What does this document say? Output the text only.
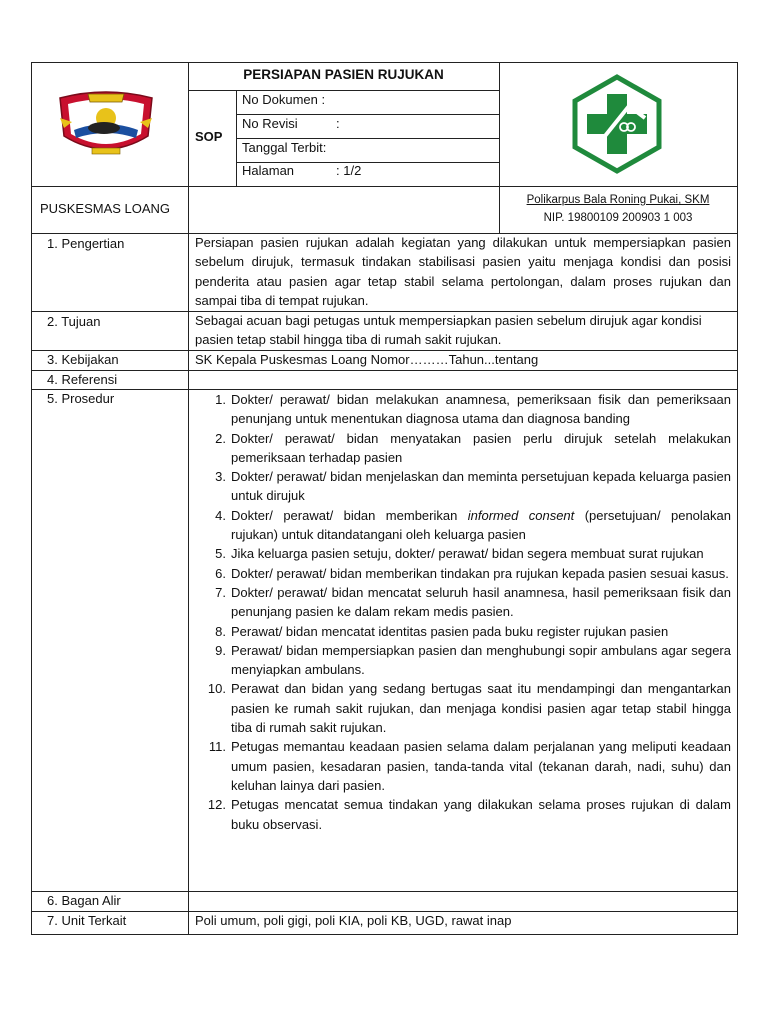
PERSIAPAN PASIEN RUJUKAN
SOP
No Dokumen :
No Revisi	:
Tanggal Terbit:
Halaman	: 1/2
PUSKESMAS LOANG
Polikarpus Bala Roning Pukai, SKM
NIP. 19800109 200903 1 003
1. Pengertian
2. Tujuan
3. Kebijakan
4. Referensi
5. Prosedur
6. Bagan Alir
7. Unit Terkait
Persiapan pasien rujukan adalah kegiatan yang dilakukan untuk mempersiapkan pasien sebelum dirujuk, termasuk tindakan stabilisasi pasien yaitu menjaga kondisi dan posisi penderita atau pasien agar tetap stabil selama pertolongan, dalam proses rujukan dan sampai tiba di tempat rujukan.
Sebagai acuan bagi petugas untuk mempersiapkan pasien sebelum dirujuk agar kondisi pasien tetap stabil hingga tiba di rumah sakit rujukan.
SK Kepala Puskesmas Loang Nomor………Tahun...tentang
Poli umum, poli gigi, poli KIA, poli KB, UGD, rawat inap
1. Dokter/ perawat/ bidan melakukan anamnesa, pemeriksaan fisik dan pemeriksaan penunjang untuk menentukan diagnosa utama dan diagnosa banding
2. Dokter/ perawat/ bidan menyatakan pasien perlu dirujuk setelah melakukan pemeriksaan terhadap pasien
3. Dokter/ perawat/ bidan menjelaskan dan meminta persetujuan kepada keluarga pasien untuk dirujuk
4. Dokter/ perawat/ bidan memberikan informed consent (persetujuan/ penolakan rujukan) untuk ditandatangani oleh keluarga pasien
5. Jika keluarga pasien setuju, dokter/ perawat/ bidan segera membuat surat rujukan
6. Dokter/ perawat/ bidan memberikan tindakan pra rujukan kepada pasien sesuai kasus.
7. Dokter/ perawat/ bidan mencatat seluruh hasil anamnesa, hasil pemeriksaan fisik dan penunjang pasien ke dalam rekam medis pasien.
8. Perawat/ bidan mencatat identitas pasien pada buku register rujukan pasien
9. Perawat/ bidan mempersiapkan pasien dan menghubungi sopir ambulans agar segera menyiapkan ambulans.
10. Perawat dan bidan yang sedang bertugas saat itu mendampingi dan mengantarkan pasien ke rumah sakit rujukan, dan menjaga kondisi pasien agar tetap stabil hingga tiba di rumah sakit rujukan.
11. Petugas memantau keadaan pasien selama dalam perjalanan yang meliputi keadaan umum pasien, kesadaran pasien, tanda-tanda vital (tekanan darah, nadi, suhu) dan keluhan lainya dari pasien.
12. Petugas mencatat semua tindakan yang dilakukan selama proses rujukan di dalam buku observasi.
